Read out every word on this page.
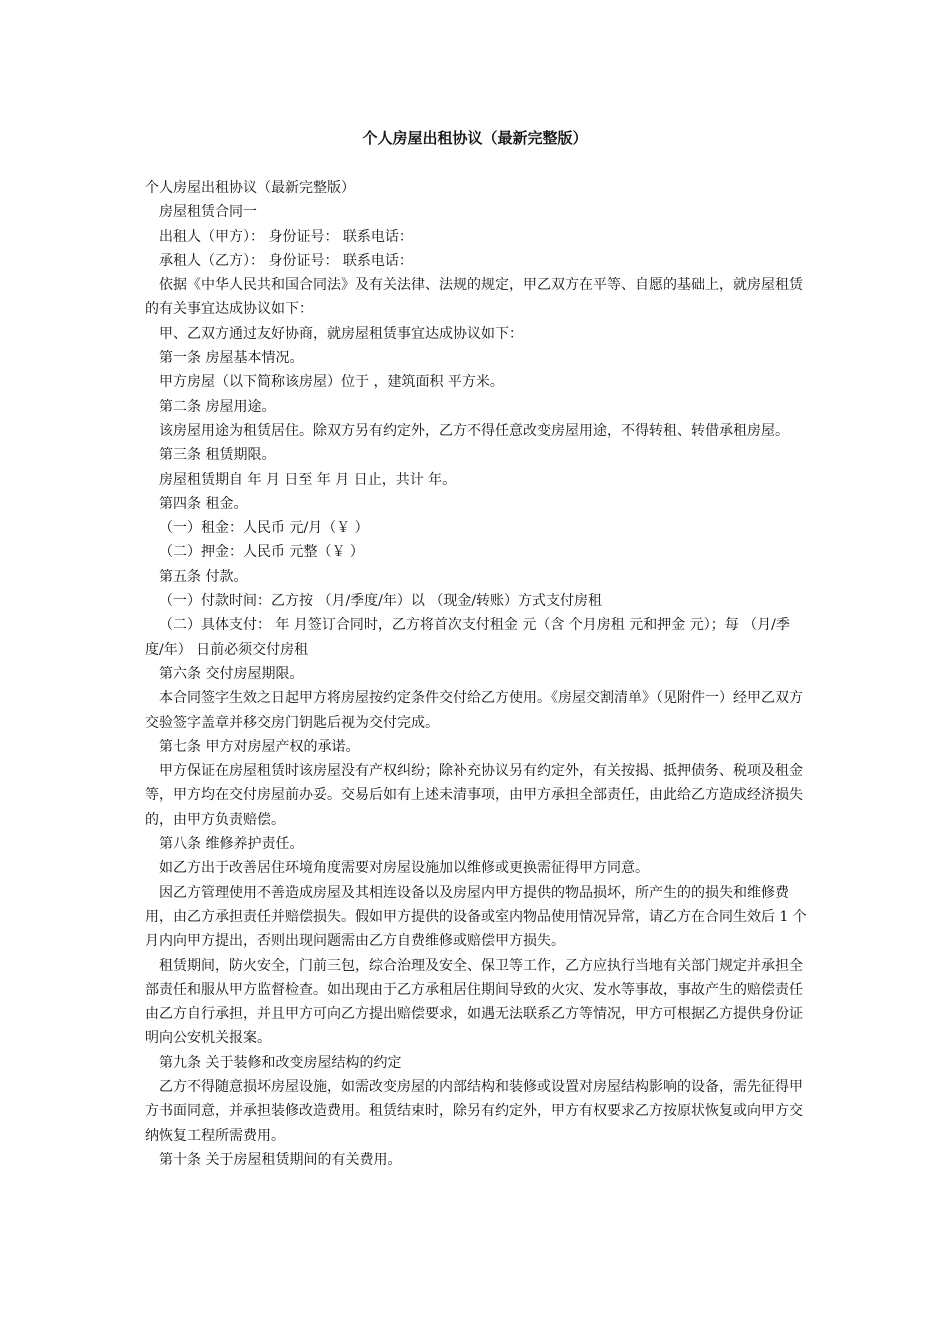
个人房屋出租协议（最新完整版）

个人房屋出租协议（最新完整版）

房屋租赁合同一

出租人（甲方）： 身份证号： 联系电话：

承租人（乙方）： 身份证号： 联系电话：

依据《中华人民共和国合同法》及有关法律、法规的规定，甲乙双方在平等、自愿的基础上，就房屋租赁的有关事宜达成协议如下：

甲、乙双方通过友好协商，就房屋租赁事宜达成协议如下：

第一条 房屋基本情况。

甲方房屋（以下简称该房屋）位于 ，建筑面积 平方米。

第二条 房屋用途。

该房屋用途为租赁居住。除双方另有约定外，乙方不得任意改变房屋用途，不得转租、转借承租房屋。

第三条 租赁期限。

房屋租赁期自 年 月 日至 年 月 日止，共计 年。

第四条 租金。

（一）租金：人民币 元/月（￥ ）

（二）押金：人民币 元整（￥ ）

第五条 付款。

（一）付款时间：乙方按 （月/季度/年）以 （现金/转账）方式支付房租

（二）具体支付： 年 月签订合同时，乙方将首次支付租金 元（含 个月房租 元和押金 元）；每 （月/季度/年） 日前必须交付房租

第六条 交付房屋期限。

本合同签字生效之日起甲方将房屋按约定条件交付给乙方使用。《房屋交割清单》（见附件一）经甲乙双方交验签字盖章并移交房门钥匙后视为交付完成。

第七条 甲方对房屋产权的承诺。

甲方保证在房屋租赁时该房屋没有产权纠纷；除补充协议另有约定外，有关按揭、抵押债务、税项及租金等，甲方均在交付房屋前办妥。交易后如有上述未清事项，由甲方承担全部责任，由此给乙方造成经济损失的，由甲方负责赔偿。

第八条 维修养护责任。

如乙方出于改善居住环境角度需要对房屋设施加以维修或更换需征得甲方同意。

因乙方管理使用不善造成房屋及其相连设备以及房屋内甲方提供的物品损坏，所产生的的损失和维修费用，由乙方承担责任并赔偿损失。假如甲方提供的设备或室内物品使用情况异常，请乙方在合同生效后 1 个月内向甲方提出，否则出现问题需由乙方自费维修或赔偿甲方损失。

租赁期间，防火安全，门前三包，综合治理及安全、保卫等工作，乙方应执行当地有关部门规定并承担全部责任和服从甲方监督检查。如出现由于乙方承租居住期间导致的火灾、发水等事故，事故产生的赔偿责任由乙方自行承担，并且甲方可向乙方提出赔偿要求，如遇无法联系乙方等情况，甲方可根据乙方提供身份证明向公安机关报案。

第九条 关于装修和改变房屋结构的约定

乙方不得随意损坏房屋设施，如需改变房屋的内部结构和装修或设置对房屋结构影响的设备，需先征得甲方书面同意，并承担装修改造费用。租赁结束时，除另有约定外，甲方有权要求乙方按原状恢复或向甲方交纳恢复工程所需费用。

第十条 关于房屋租赁期间的有关费用。
